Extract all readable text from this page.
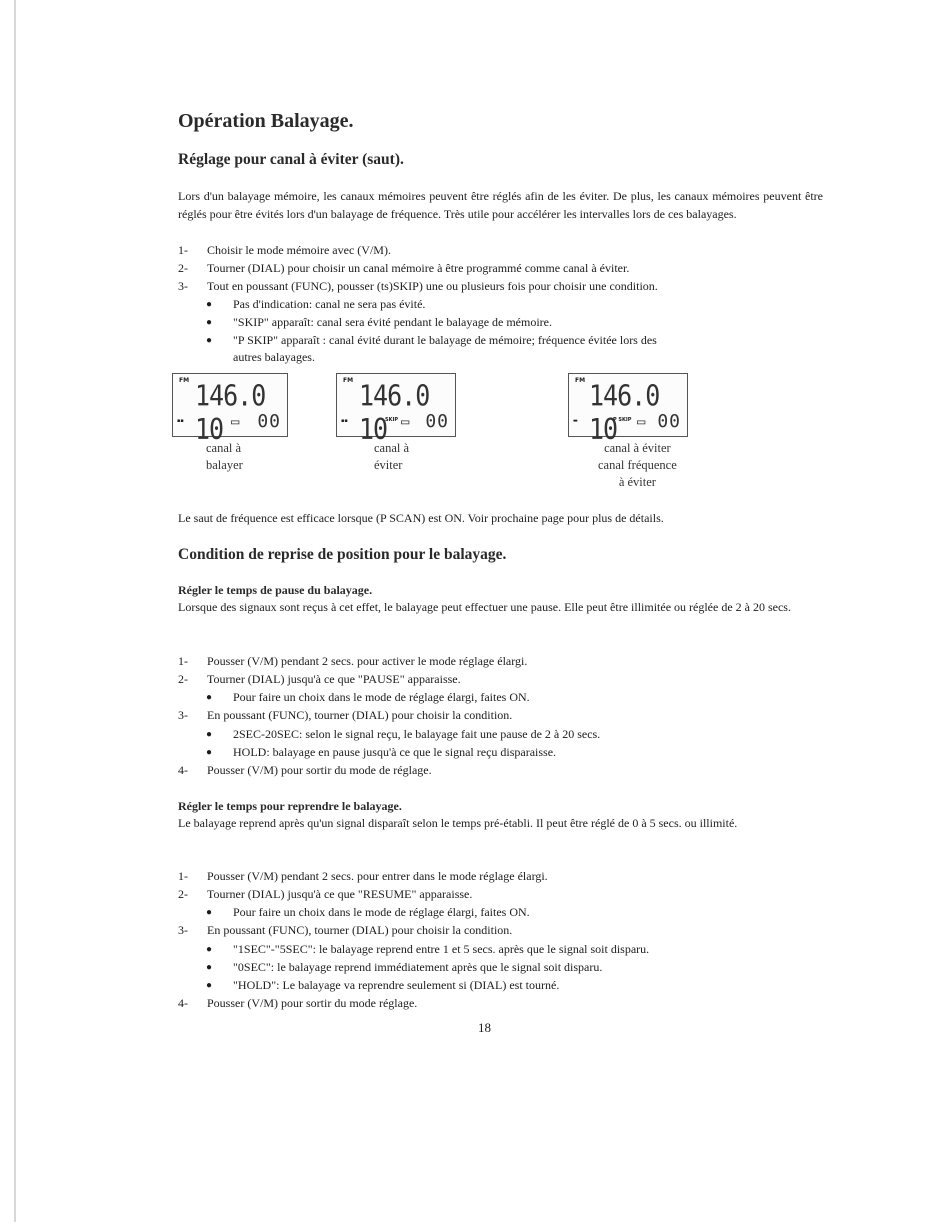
Opération Balayage.
Réglage pour canal à éviter (saut).
Lors d'un balayage mémoire, les canaux mémoires peuvent être réglés afin de les éviter. De plus, les canaux mémoires peuvent être réglés pour être évités lors d'un balayage de fréquence. Très utile pour accélérer les intervalles lors de ces balayages.
1- Choisir le mode mémoire avec (V/M).
2- Tourner (DIAL) pour choisir un canal mémoire à être programmé comme canal à éviter.
3- Tout en poussant (FUNC), pousser (ts)SKIP) une ou plusieurs fois pour choisir une condition.
● Pas d'indication: canal ne sera pas évité.
● "SKIP" apparaît: canal sera évité pendant le balayage de mémoire.
● "P SKIP" apparaît : canal évité durant le balayage de mémoire; fréquence évitée lors des
autres balayages.
FM 146.0 10
▪▪	▭ 00
canal à
balayer
FM 146.0 10
▪▪	SKIP ▭ 00
canal à
éviter
FM 146.0 10
▬	P SKIP ▭ 00
canal à éviter
canal fréquence
à éviter
Le saut de fréquence est efficace lorsque (P SCAN) est ON. Voir prochaine page pour plus de détails.
Condition de reprise de position pour le balayage.
Régler le temps de pause du balayage.
Lorsque des signaux sont reçus à cet effet, le balayage peut effectuer une pause. Elle peut être illimitée ou réglée de 2 à 20 secs.
1- Pousser (V/M) pendant 2 secs. pour activer le mode réglage élargi.
2- Tourner (DIAL) jusqu'à ce que "PAUSE" apparaisse.
● Pour faire un choix dans le mode de réglage élargi, faites ON.
3- En poussant (FUNC), tourner (DIAL) pour choisir la condition.
● 2SEC-20SEC: selon le signal reçu, le balayage fait une pause de 2 à 20 secs.
● HOLD: balayage en pause jusqu'à ce que le signal reçu disparaisse.
4- Pousser (V/M) pour sortir du mode de réglage.
Régler le temps pour reprendre le balayage.
Le balayage reprend après qu'un signal disparaît selon le temps pré-établi. Il peut être réglé de 0 à 5 secs. ou illimité.
1- Pousser (V/M) pendant 2 secs. pour entrer dans le mode réglage élargi.
2- Tourner (DIAL) jusqu'à ce que "RESUME" apparaisse.
● Pour faire un choix dans le mode de réglage élargi, faites ON.
3- En poussant (FUNC), tourner (DIAL) pour choisir la condition.
● "1SEC"-"5SEC": le balayage reprend entre 1 et 5 secs. après que le signal soit disparu.
● "0SEC": le balayage reprend immédiatement après que le signal soit disparu.
● "HOLD": Le balayage va reprendre seulement si (DIAL) est tourné.
4- Pousser (V/M) pour sortir du mode réglage.
18
